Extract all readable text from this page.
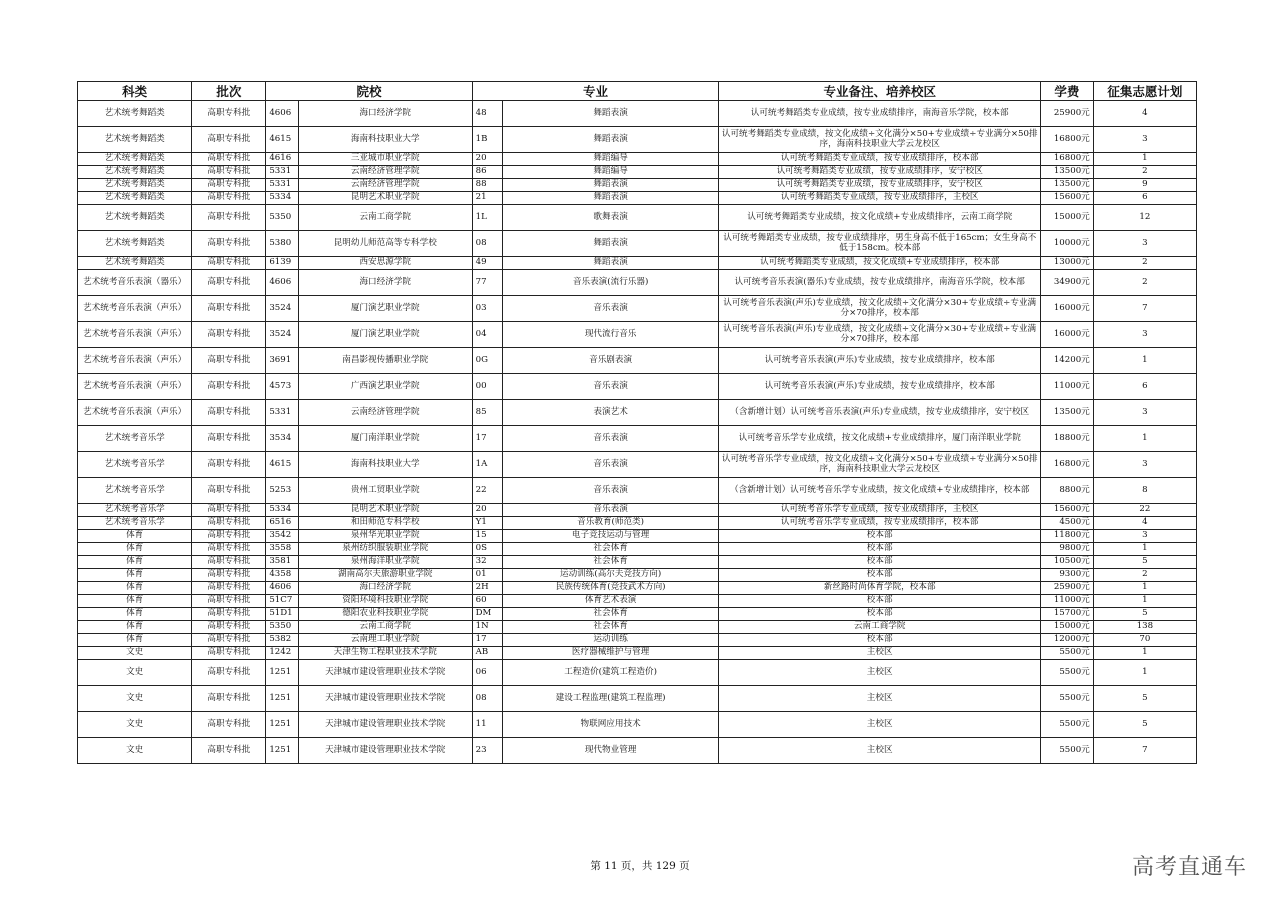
科类	批次	院校		专业		专业备注、培养校区	学费	征集志愿计划
艺术统考舞蹈类	高职专科批	4606	海口经济学院	48	舞蹈表演	认可统考舞蹈类专业成绩，按专业成绩排序，南海音乐学院，校本部	25900元	4
艺术统考舞蹈类	高职专科批	4615	海南科技职业大学	1B	舞蹈表演	认可统考舞蹈类专业成绩，按文化成绩÷文化满分×50+专业成绩÷专业满分×50排序，海南科技职业大学云龙校区	16800元	3
艺术统考舞蹈类	高职专科批	4616	三亚城市职业学院	20	舞蹈编导	认可统考舞蹈类专业成绩，按专业成绩排序，校本部	16800元	1
艺术统考舞蹈类	高职专科批	5331	云南经济管理学院	86	舞蹈编导	认可统考舞蹈类专业成绩，按专业成绩排序，安宁校区	13500元	2
艺术统考舞蹈类	高职专科批	5331	云南经济管理学院	88	舞蹈表演	认可统考舞蹈类专业成绩，按专业成绩排序，安宁校区	13500元	9
艺术统考舞蹈类	高职专科批	5334	昆明艺术职业学院	21	舞蹈表演	认可统考舞蹈类专业成绩，按专业成绩排序，主校区	15600元	6
艺术统考舞蹈类	高职专科批	5350	云南工商学院	1L	歌舞表演	认可统考舞蹈类专业成绩，按文化成绩+专业成绩排序，云南工商学院	15000元	12
艺术统考舞蹈类	高职专科批	5380	昆明幼儿师范高等专科学校	08	舞蹈表演	认可统考舞蹈类专业成绩，按专业成绩排序，男生身高不低于165cm；女生身高不低于158cm。校本部	10000元	3
艺术统考舞蹈类	高职专科批	6139	西安思源学院	49	舞蹈表演	认可统考舞蹈类专业成绩，按文化成绩+专业成绩排序，校本部	13000元	2
艺术统考音乐表演（器乐）	高职专科批	4606	海口经济学院	77	音乐表演(流行乐器)	认可统考音乐表演(器乐)专业成绩，按专业成绩排序，南海音乐学院，校本部	34900元	2
艺术统考音乐表演（声乐）	高职专科批	3524	厦门演艺职业学院	03	音乐表演	认可统考音乐表演(声乐)专业成绩，按文化成绩÷文化满分×30+专业成绩÷专业满分×70排序，校本部	16000元	7
艺术统考音乐表演（声乐）	高职专科批	3524	厦门演艺职业学院	04	现代流行音乐	认可统考音乐表演(声乐)专业成绩，按文化成绩÷文化满分×30+专业成绩÷专业满分×70排序，校本部	16000元	3
艺术统考音乐表演（声乐）	高职专科批	3691	南昌影视传播职业学院	0G	音乐剧表演	认可统考音乐表演(声乐)专业成绩，按专业成绩排序，校本部	14200元	1
艺术统考音乐表演（声乐）	高职专科批	4573	广西演艺职业学院	00	音乐表演	认可统考音乐表演(声乐)专业成绩，按专业成绩排序，校本部	11000元	6
艺术统考音乐表演（声乐）	高职专科批	5331	云南经济管理学院	85	表演艺术	（含新增计划）认可统考音乐表演(声乐)专业成绩，按专业成绩排序，安宁校区	13500元	3
艺术统考音乐学	高职专科批	3534	厦门南洋职业学院	17	音乐表演	认可统考音乐学专业成绩，按文化成绩+专业成绩排序，厦门南洋职业学院	18800元	1
艺术统考音乐学	高职专科批	4615	海南科技职业大学	1A	音乐表演	认可统考音乐学专业成绩，按文化成绩÷文化满分×50+专业成绩÷专业满分×50排序，海南科技职业大学云龙校区	16800元	3
艺术统考音乐学	高职专科批	5253	贵州工贸职业学院	22	音乐表演	（含新增计划）认可统考音乐学专业成绩，按文化成绩+专业成绩排序，校本部	8800元	8
艺术统考音乐学	高职专科批	5334	昆明艺术职业学院	20	音乐表演	认可统考音乐学专业成绩，按专业成绩排序，主校区	15600元	22
艺术统考音乐学	高职专科批	6516	和田师范专科学校	Y1	音乐教育(师范类)	认可统考音乐学专业成绩，按专业成绩排序，校本部	4500元	4
体育	高职专科批	3542	泉州华光职业学院	15	电子竞技运动与管理	校本部	11800元	3
体育	高职专科批	3558	泉州纺织服装职业学院	0S	社会体育	校本部	9800元	1
体育	高职专科批	3581	泉州海洋职业学院	32	社会体育	校本部	10500元	5
体育	高职专科批	4358	湖南高尔夫旅游职业学院	01	运动训练(高尔夫竞技方向)	校本部	9300元	2
体育	高职专科批	4606	海口经济学院	2H	民族传统体育(竞技武术方向)	新丝路时尚体育学院，校本部	25900元	1
体育	高职专科批	51C7	资阳环境科技职业学院	60	体育艺术表演	校本部	11000元	1
体育	高职专科批	51D1	德阳农业科技职业学院	DM	社会体育	校本部	15700元	5
体育	高职专科批	5350	云南工商学院	1N	社会体育	云南工商学院	15000元	138
体育	高职专科批	5382	云南理工职业学院	17	运动训练	校本部	12000元	70
文史	高职专科批	1242	天津生物工程职业技术学院	AB	医疗器械维护与管理	主校区	5500元	1
文史	高职专科批	1251	天津城市建设管理职业技术学院	06	工程造价(建筑工程造价)	主校区	5500元	1
文史	高职专科批	1251	天津城市建设管理职业技术学院	08	建设工程监理(建筑工程监理)	主校区	5500元	5
文史	高职专科批	1251	天津城市建设管理职业技术学院	11	物联网应用技术	主校区	5500元	5
文史	高职专科批	1251	天津城市建设管理职业技术学院	23	现代物业管理	主校区	5500元	7
第 11 页，共 129 页	高考直通车
